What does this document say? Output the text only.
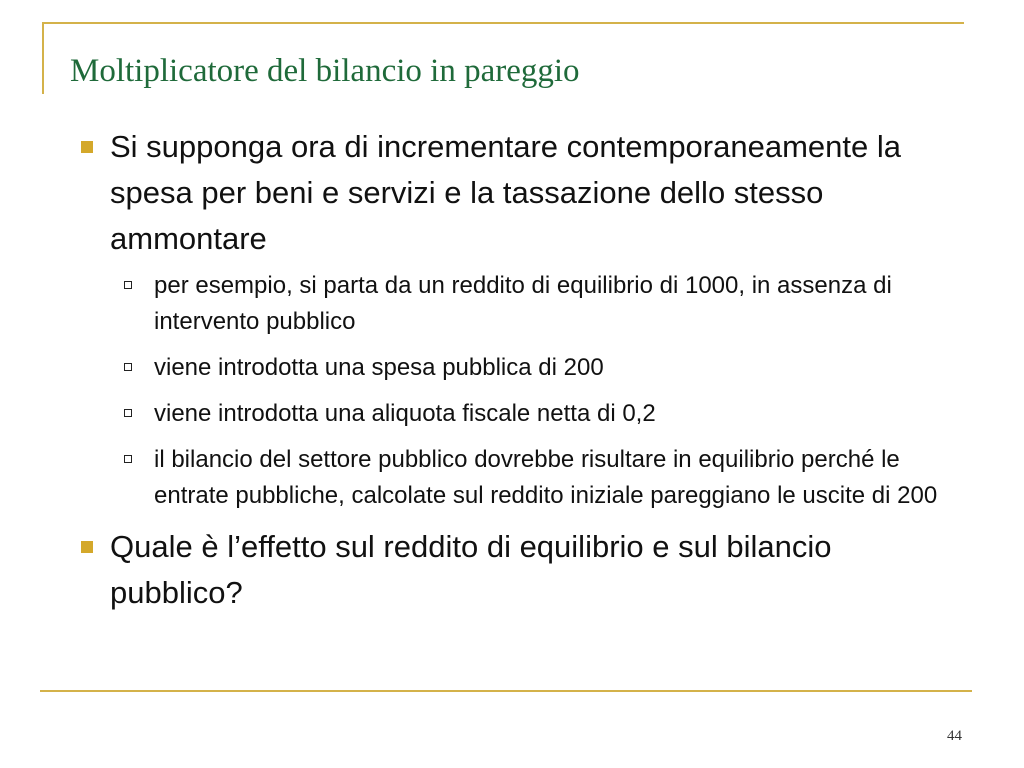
Moltiplicatore del bilancio in pareggio
Si supponga ora di incrementare contemporaneamente la spesa per beni e servizi e la tassazione dello stesso ammontare
per esempio, si parta da un reddito di equilibrio di 1000, in assenza di intervento pubblico
viene introdotta una spesa pubblica di 200
viene introdotta una aliquota fiscale netta di 0,2
il bilancio del settore pubblico dovrebbe risultare in equilibrio perché le entrate pubbliche, calcolate sul reddito iniziale pareggiano le uscite di 200
Quale è l’effetto sul reddito di equilibrio e sul bilancio pubblico?
44
